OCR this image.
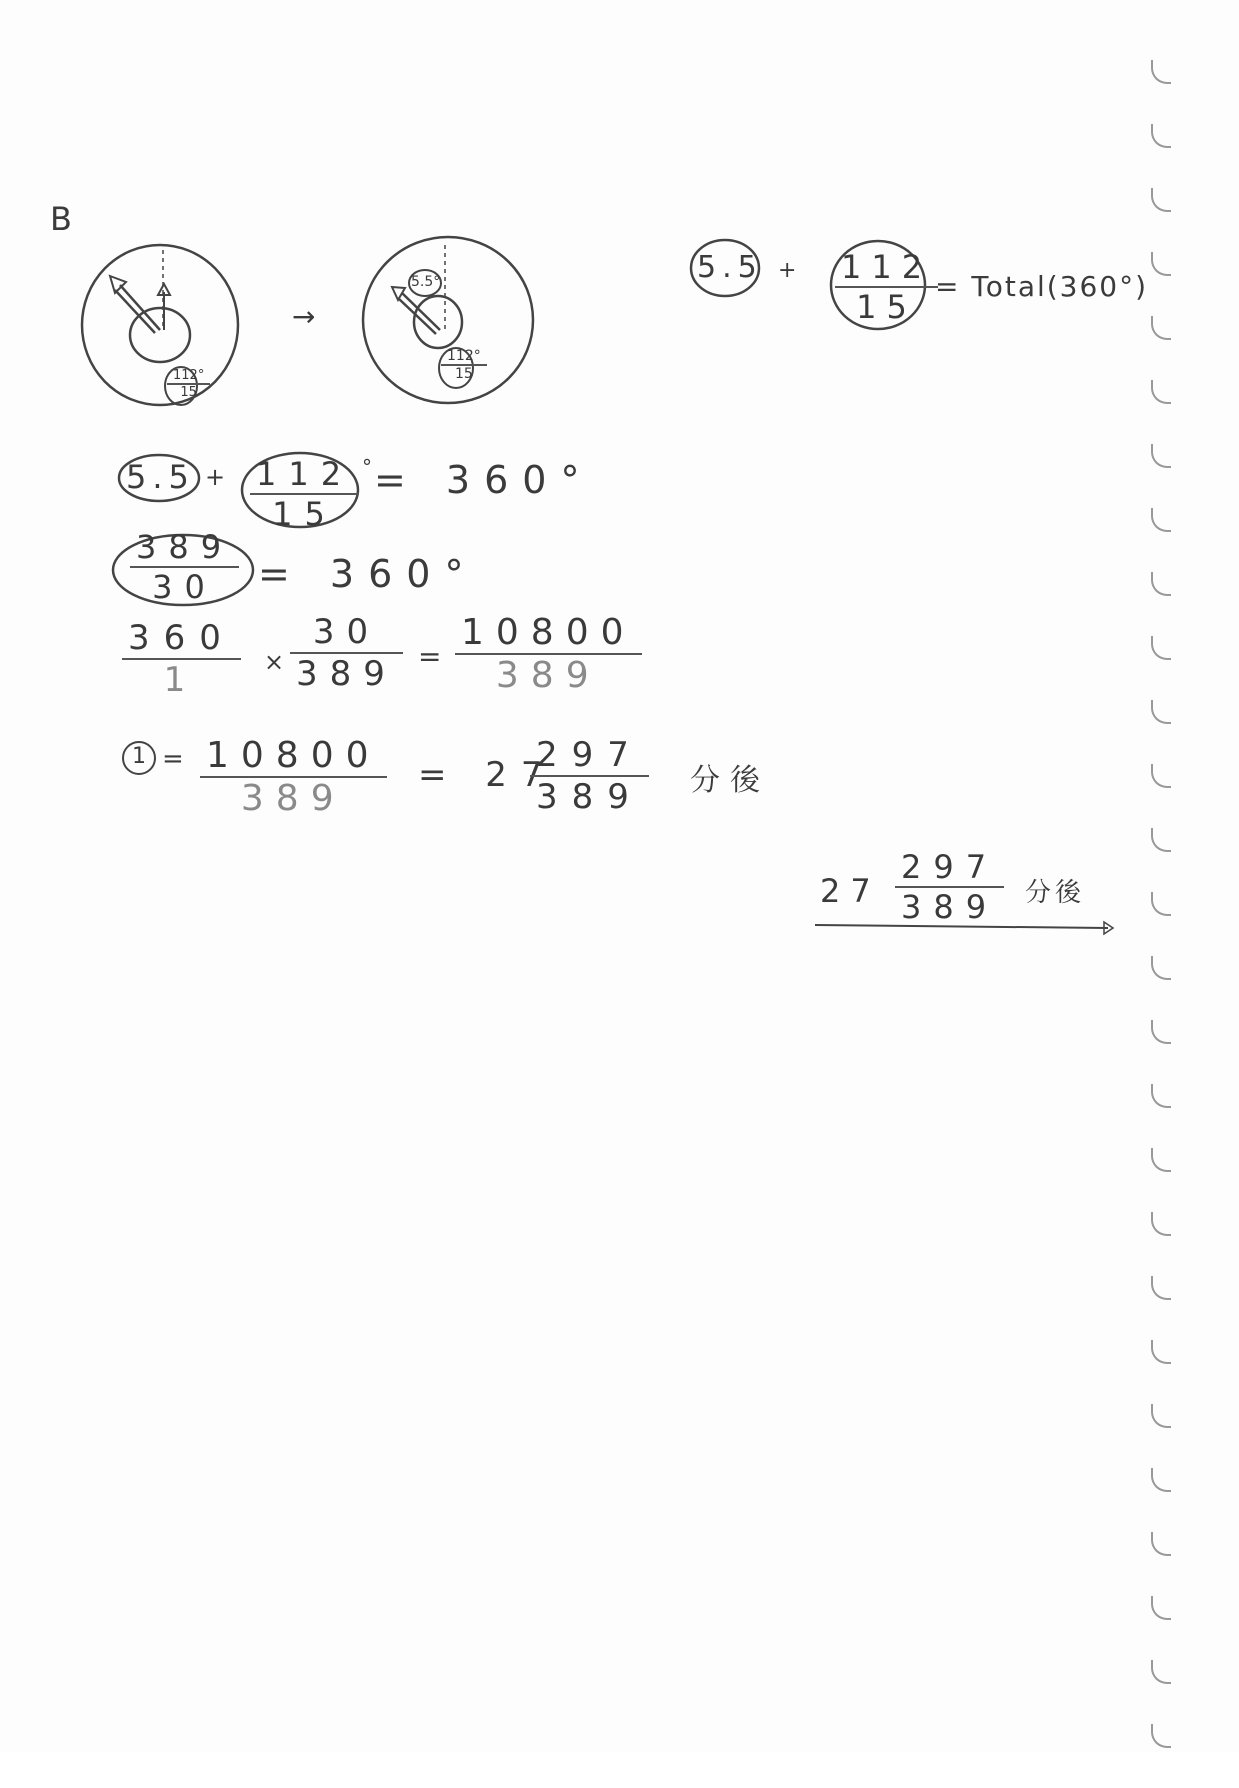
B
112°
15
→
5.5°
112°
15
5.5 + 112
15
= Total(360°)
5.5 + 112
15
° = 360°
389
30 = 360°
360
1	×
30
389 =
10800
389
1 = 10800
389
= 27
297
389 分後
27
297
389 分後
